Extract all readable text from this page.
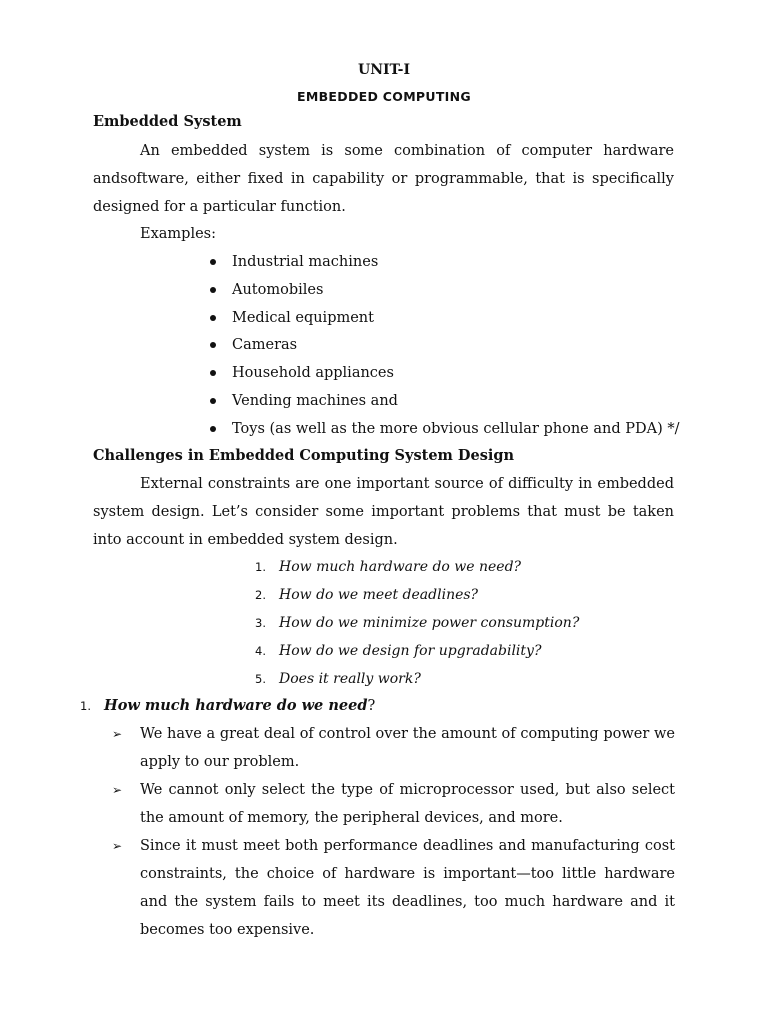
UNIT-I
EMBEDDED COMPUTING
Embedded System
An embedded system is some combination of computer hardware andsoftware, either fixed in capability or programmable, that is specifically designed for a particular function.
Examples:
Industrial machines
Automobiles
Medical equipment
Cameras
Household appliances
Vending machines and
Toys (as well as the more obvious cellular phone and PDA) */
Challenges in Embedded Computing System Design
External constraints are one important source of difficulty in embedded system design. Let’s consider some important problems that must be taken into account in embedded system design.
1. How much hardware do we need?
2. How do we meet deadlines?
3. How do we minimize power consumption?
4. How do we design for upgradability?
5. Does it really work?
1. How much hardware do we need?
➢ We have a great deal of control over the amount of computing power we apply to our problem.
➢ We cannot only select the type of microprocessor used, but also select the amount of memory, the peripheral devices, and more.
➢ Since it must meet both performance deadlines and manufacturing cost constraints, the choice of hardware is important—too little hardware and the system fails to meet its deadlines, too much hardware and it becomes too expensive.
